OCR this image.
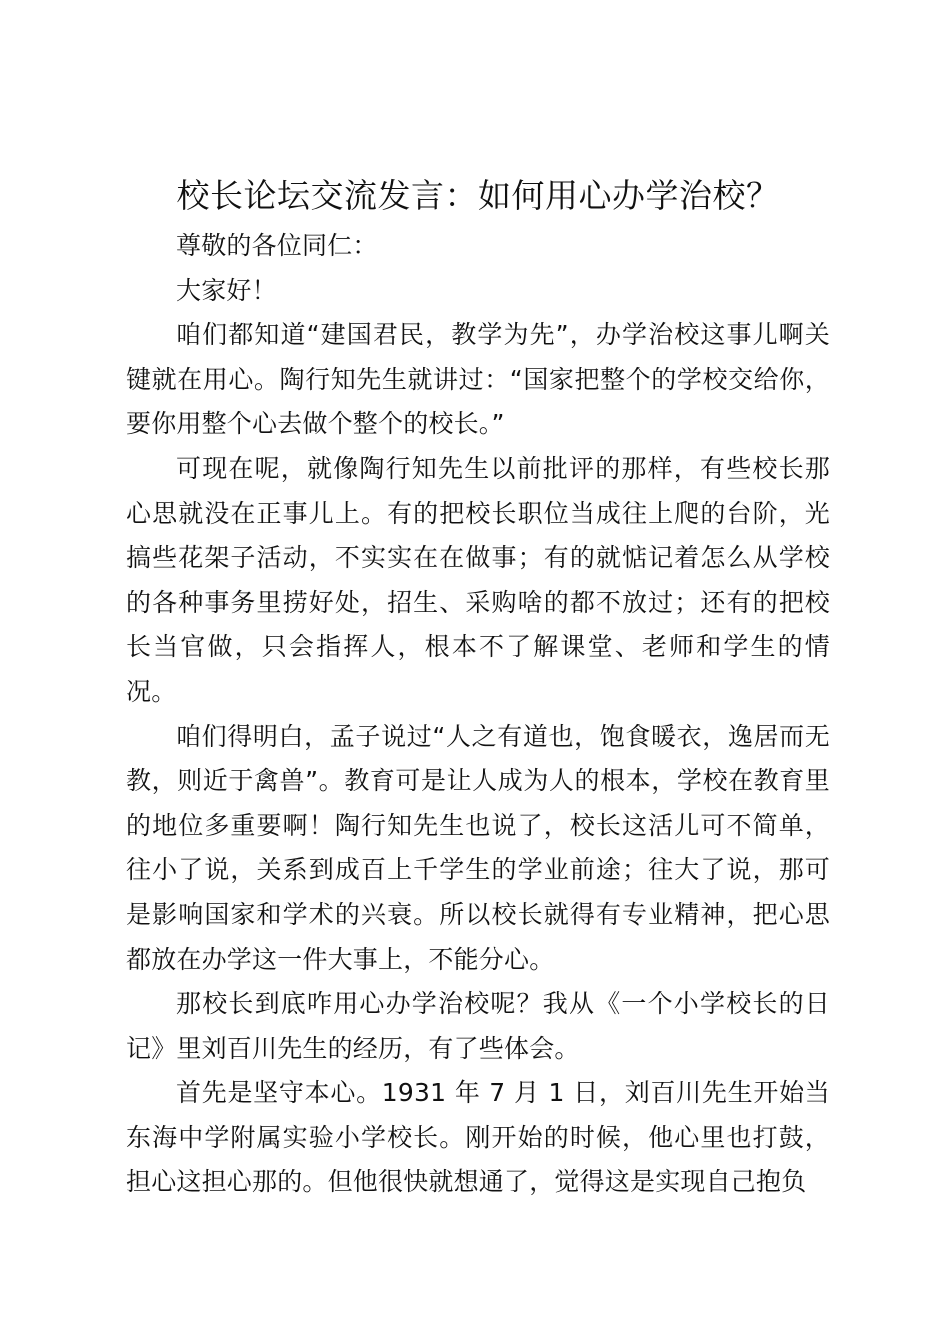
校长论坛交流发言：如何用心办学治校？

尊敬的各位同仁：

大家好！

咱们都知道“建国君民，教学为先”，办学治校这事儿啊关键就在用心。陶行知先生就讲过：“国家把整个的学校交给你，要你用整个心去做个整个的校长。”

可现在呢，就像陶行知先生以前批评的那样，有些校长那心思就没在正事儿上。有的把校长职位当成往上爬的台阶，光搞些花架子活动，不实实在在做事；有的就惦记着怎么从学校的各种事务里捞好处，招生、采购啥的都不放过；还有的把校长当官做，只会指挥人，根本不了解课堂、老师和学生的情况。

咱们得明白，孟子说过“人之有道也，饱食暖衣，逸居而无教，则近于禽兽”。教育可是让人成为人的根本，学校在教育里的地位多重要啊！陶行知先生也说了，校长这活儿可不简单，往小了说，关系到成百上千学生的学业前途；往大了说，那可是影响国家和学术的兴衰。所以校长就得有专业精神，把心思都放在办学这一件大事上，不能分心。

那校长到底咋用心办学治校呢？我从《一个小学校长的日记》里刘百川先生的经历，有了些体会。

首先是坚守本心。1931 年 7 月 1 日，刘百川先生开始当东海中学附属实验小学校长。刚开始的时候，他心里也打鼓，担心这担心那的。但他很快就想通了，觉得这是实现自己抱负
